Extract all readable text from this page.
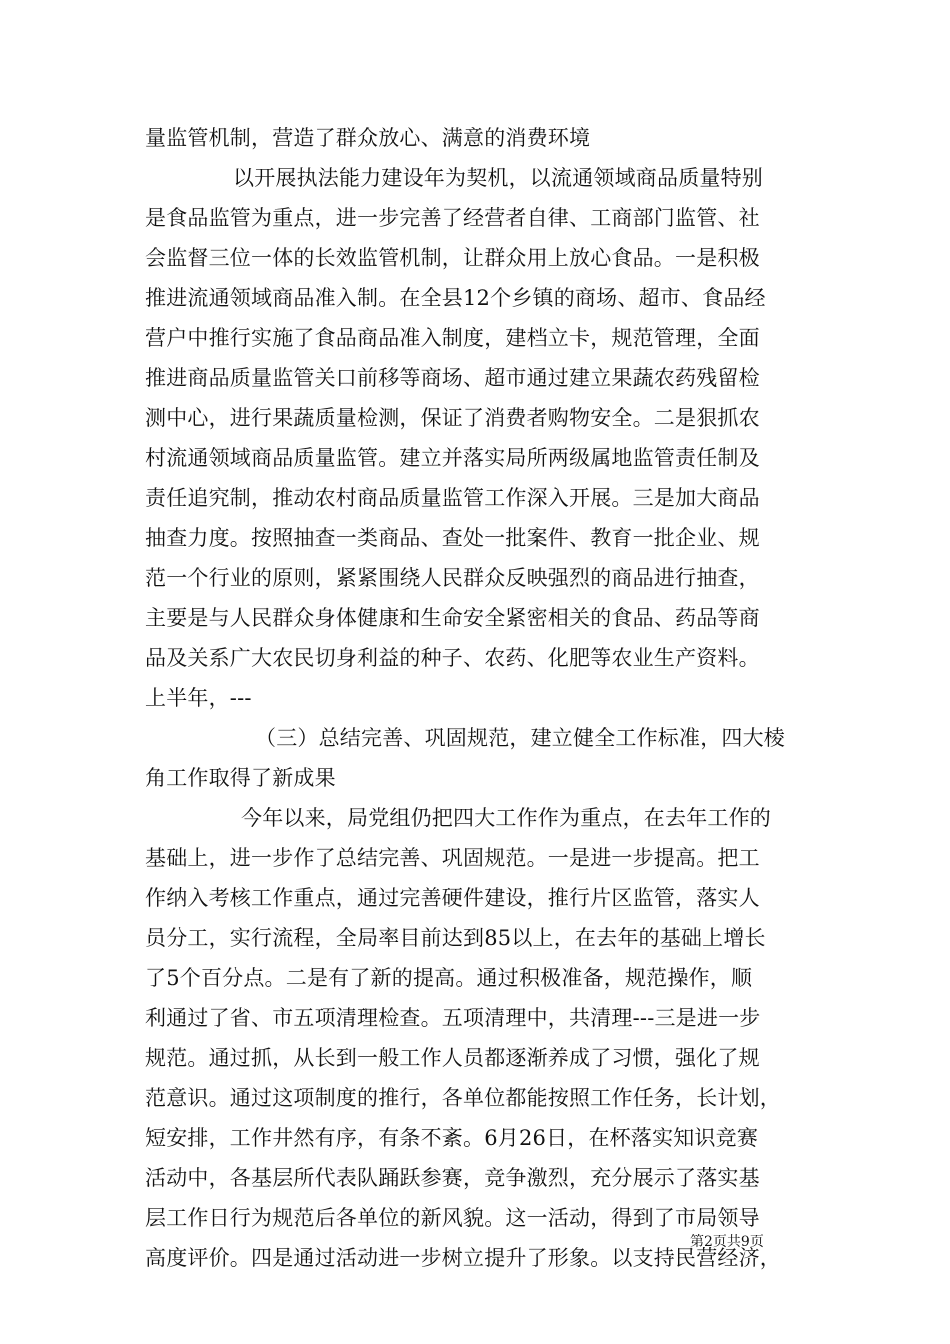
量监管机制，营造了群众放心、满意的消费环境
以开展执法能力建设年为契机，以流通领域商品质量特别
是食品监管为重点，进一步完善了经营者自律、工商部门监管、社
会监督三位一体的长效监管机制，让群众用上放心食品。一是积极
推进流通领域商品准入制。在全县12个乡镇的商场、超市、食品经
营户中推行实施了食品商品准入制度，建档立卡，规范管理，全面
推进商品质量监管关口前移等商场、超市通过建立果蔬农药残留检
测中心，进行果蔬质量检测，保证了消费者购物安全。二是狠抓农
村流通领域商品质量监管。建立并落实局所两级属地监管责任制及
责任追究制，推动农村商品质量监管工作深入开展。三是加大商品
抽查力度。按照抽查一类商品、查处一批案件、教育一批企业、规
范一个行业的原则，紧紧围绕人民群众反映强烈的商品进行抽查，
主要是与人民群众身体健康和生命安全紧密相关的食品、药品等商
品及关系广大农民切身利益的种子、农药、化肥等农业生产资料。
上半年，---
（三）总结完善、巩固规范，建立健全工作标准，四大棱
角工作取得了新成果
今年以来，局党组仍把四大工作作为重点，在去年工作的
基础上，进一步作了总结完善、巩固规范。一是进一步提高。把工
作纳入考核工作重点，通过完善硬件建设，推行片区监管，落实人
员分工，实行流程，全局率目前达到85以上，在去年的基础上增长
了5个百分点。二是有了新的提高。通过积极准备，规范操作，顺
利通过了省、市五项清理检查。五项清理中，共清理---三是进一步
规范。通过抓，从长到一般工作人员都逐渐养成了习惯，强化了规
范意识。通过这项制度的推行，各单位都能按照工作任务，长计划，
短安排，工作井然有序，有条不紊。6月26日，在杯落实知识竞赛
活动中，各基层所代表队踊跃参赛，竞争激烈，充分展示了落实基
层工作日行为规范后各单位的新风貌。这一活动，得到了市局领导
高度评价。四是通过活动进一步树立提升了形象。以支持民营经济，
第2页共9页
